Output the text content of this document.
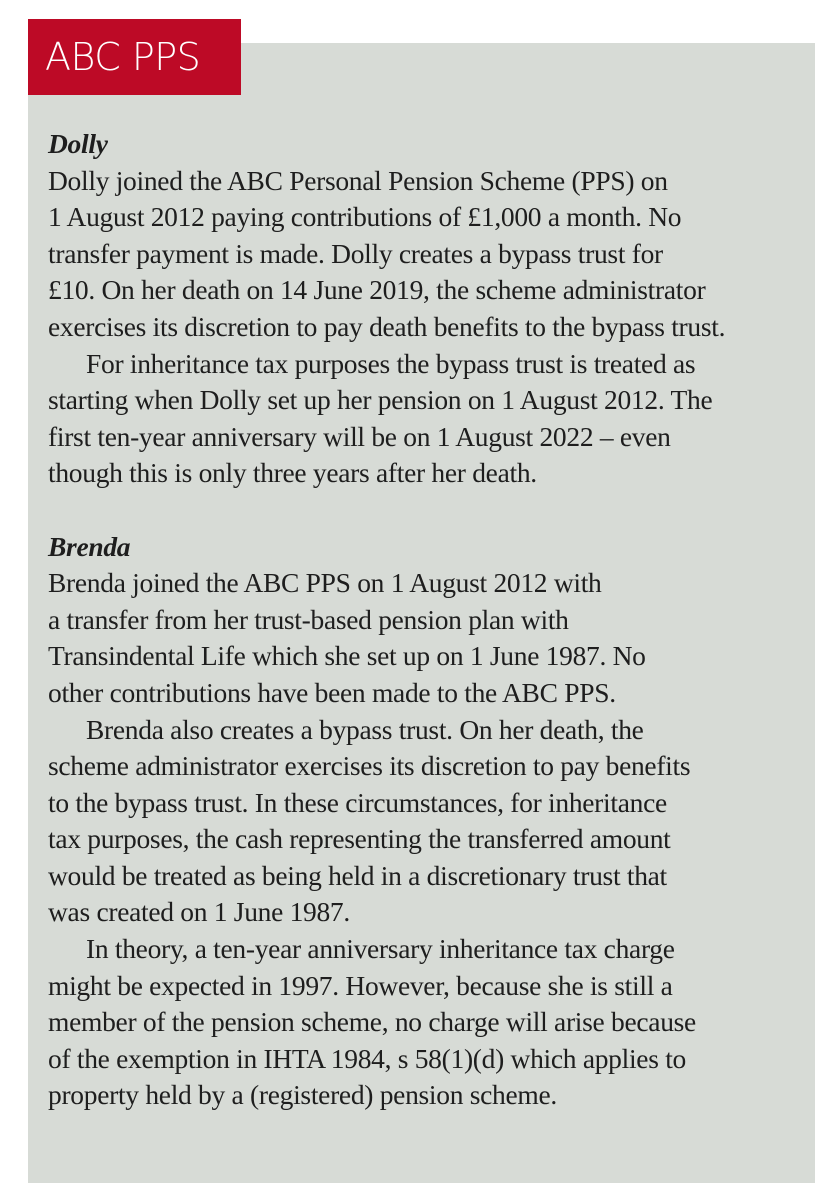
ABC PPS
Dolly

Dolly joined the ABC Personal Pension Scheme (PPS) on
1 August 2012 paying contributions of £1,000 a month. No
transfer payment is made. Dolly creates a bypass trust for
£10. On her death on 14 June 2019, the scheme administrator
exercises its discretion to pay death benefits to the bypass trust.

For inheritance tax purposes the bypass trust is treated as
starting when Dolly set up her pension on 1 August 2012. The
first ten-year anniversary will be on 1 August 2022 – even
though this is only three years after her death.

Brenda

Brenda joined the ABC PPS on 1 August 2012 with
a transfer from her trust-based pension plan with
Transindental Life which she set up on 1 June 1987. No
other contributions have been made to the ABC PPS.

Brenda also creates a bypass trust. On her death, the
scheme administrator exercises its discretion to pay benefits
to the bypass trust. In these circumstances, for inheritance
tax purposes, the cash representing the transferred amount
would be treated as being held in a discretionary trust that
was created on 1 June 1987.

In theory, a ten-year anniversary inheritance tax charge
might be expected in 1997. However, because she is still a
member of the pension scheme, no charge will arise because
of the exemption in IHTA 1984, s 58(1)(d) which applies to
property held by a (registered) pension scheme.
